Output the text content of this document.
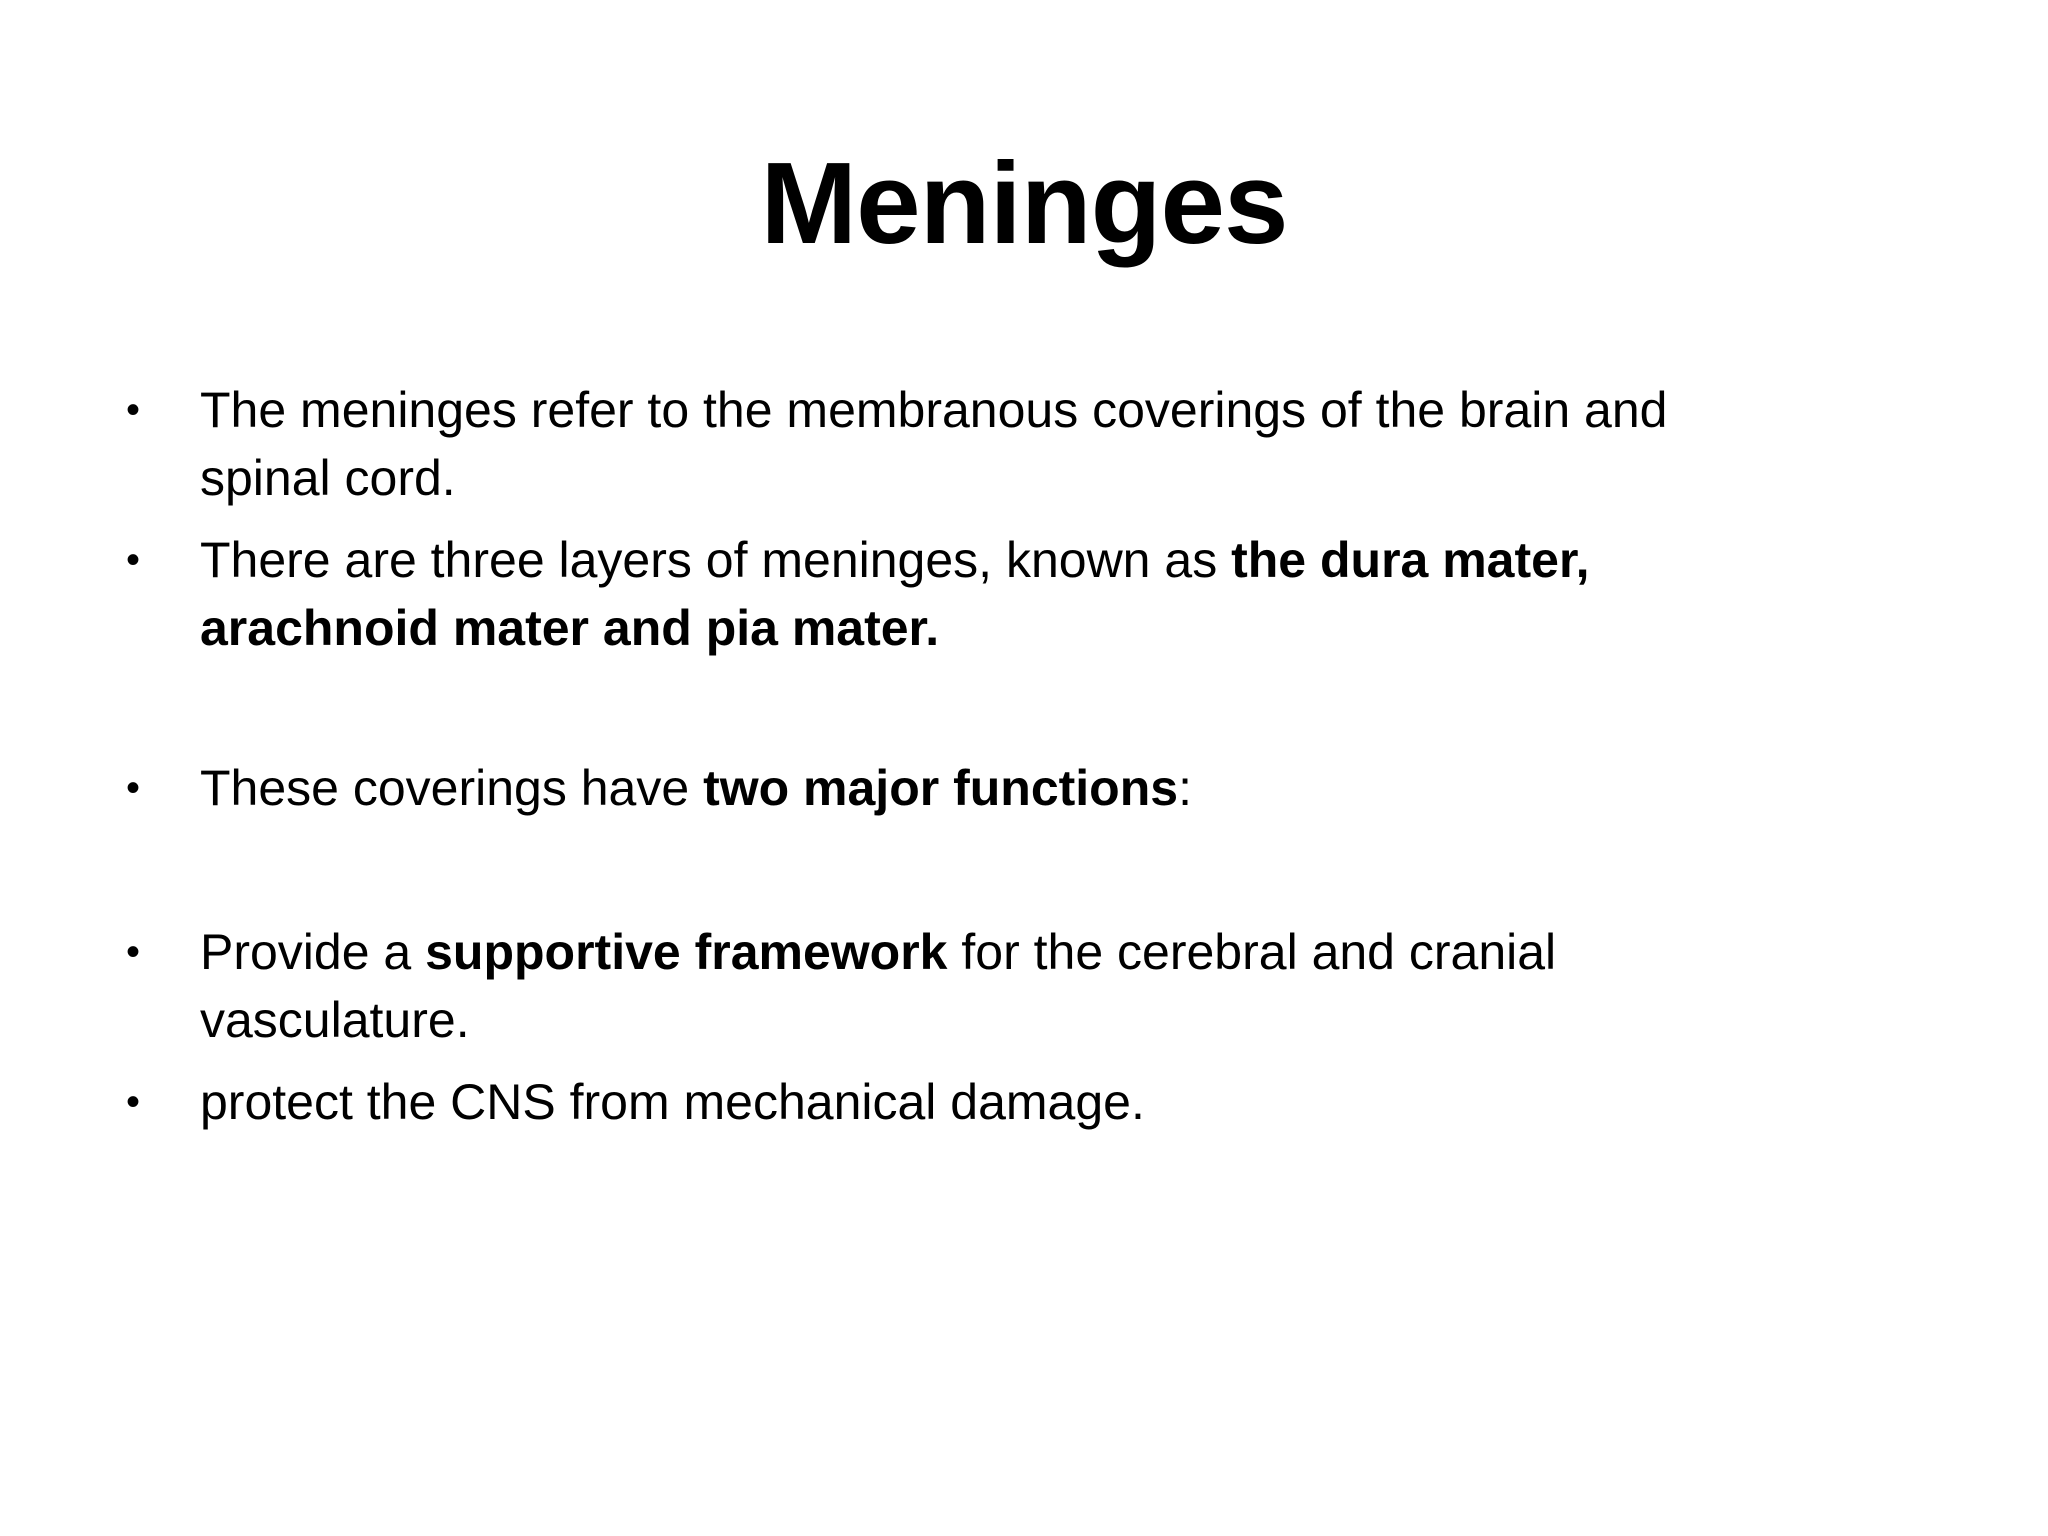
Meninges
• The meninges refer to the membranous coverings of the brain and spinal cord.
• There are three layers of meninges, known as the dura mater, arachnoid mater and pia mater.
• These coverings have two major functions:
• Provide a supportive framework for the cerebral and cranial vasculature.
• protect the CNS from mechanical damage.
